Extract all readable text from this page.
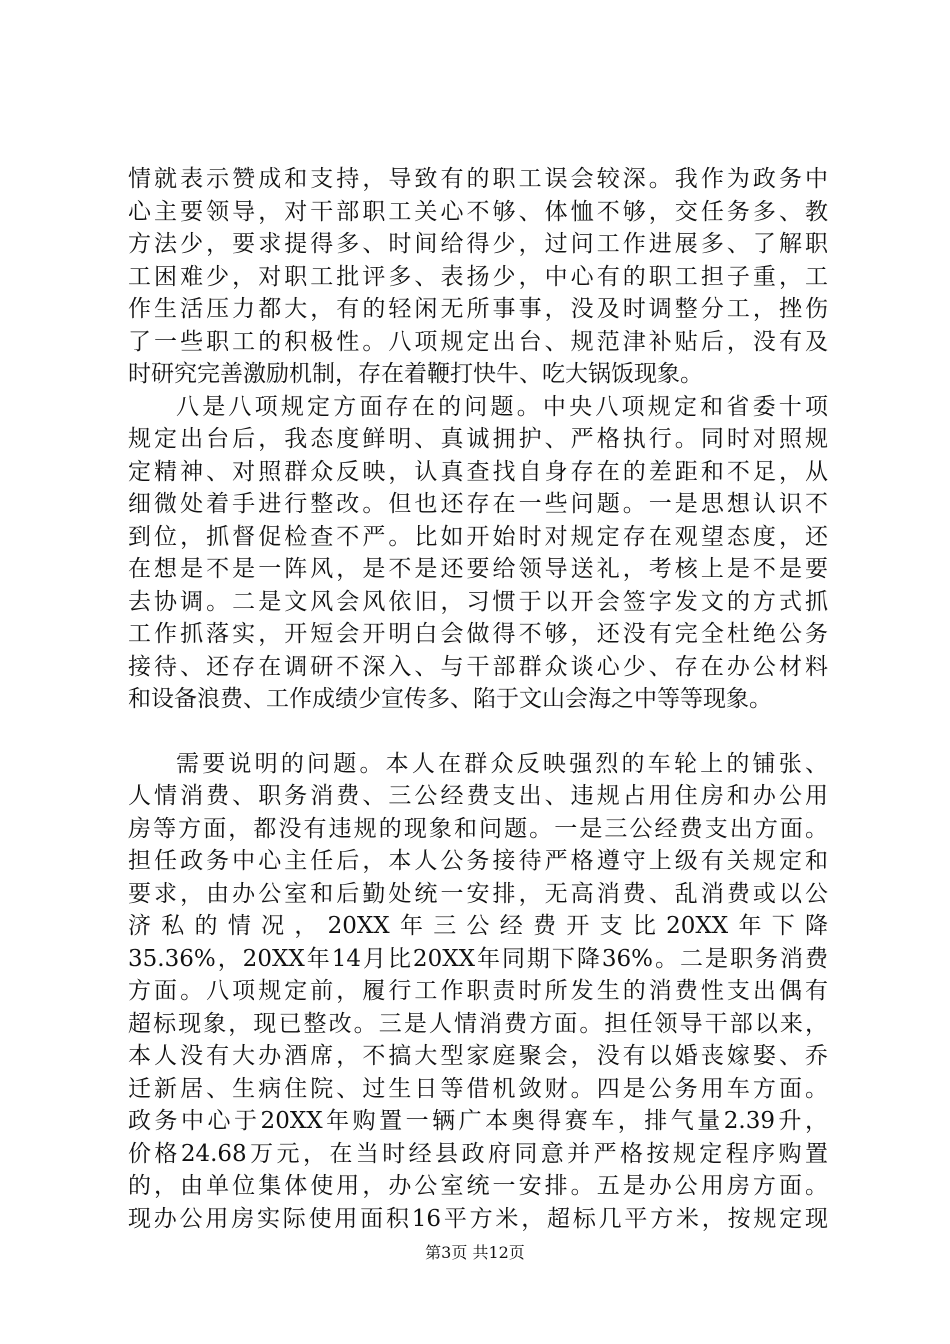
情就表示赞成和支持，导致有的职工误会较深。我作为政务中
心主要领导，对干部职工关心不够、体恤不够，交任务多、教
方法少，要求提得多、时间给得少，过问工作进展多、了解职
工困难少，对职工批评多、表扬少，中心有的职工担子重，工
作生活压力都大，有的轻闲无所事事，没及时调整分工，挫伤
了一些职工的积极性。八项规定出台、规范津补贴后，没有及
时研究完善激励机制，存在着鞭打快牛、吃大锅饭现象。
八是八项规定方面存在的问题。中央八项规定和省委十项
规定出台后，我态度鲜明、真诚拥护、严格执行。同时对照规
定精神、对照群众反映，认真查找自身存在的差距和不足，从
细微处着手进行整改。但也还存在一些问题。一是思想认识不
到位，抓督促检查不严。比如开始时对规定存在观望态度，还
在想是不是一阵风，是不是还要给领导送礼，考核上是不是要
去协调。二是文风会风依旧，习惯于以开会签字发文的方式抓
工作抓落实，开短会开明白会做得不够，还没有完全杜绝公务
接待、还存在调研不深入、与干部群众谈心少、存在办公材料
和设备浪费、工作成绩少宣传多、陷于文山会海之中等等现象。
需要说明的问题。本人在群众反映强烈的车轮上的铺张、
人情消费、职务消费、三公经费支出、违规占用住房和办公用
房等方面，都没有违规的现象和问题。一是三公经费支出方面。
担任政务中心主任后，本人公务接待严格遵守上级有关规定和
要求，由办公室和后勤处统一安排，无高消费、乱消费或以公
济私的情况，20XX年三公经费开支比20XX年下降
35.36%，20XX年14月比20XX年同期下降36%。二是职务消费
方面。八项规定前，履行工作职责时所发生的消费性支出偶有
超标现象，现已整改。三是人情消费方面。担任领导干部以来，
本人没有大办酒席，不搞大型家庭聚会，没有以婚丧嫁娶、乔
迁新居、生病住院、过生日等借机敛财。四是公务用车方面。
政务中心于20XX年购置一辆广本奥得赛车，排气量2.39升，
价格24.68万元，在当时经县政府同意并严格按规定程序购置
的，由单位集体使用，办公室统一安排。五是办公用房方面。
现办公用房实际使用面积16平方米，超标几平方米，按规定现
第3页 共12页
